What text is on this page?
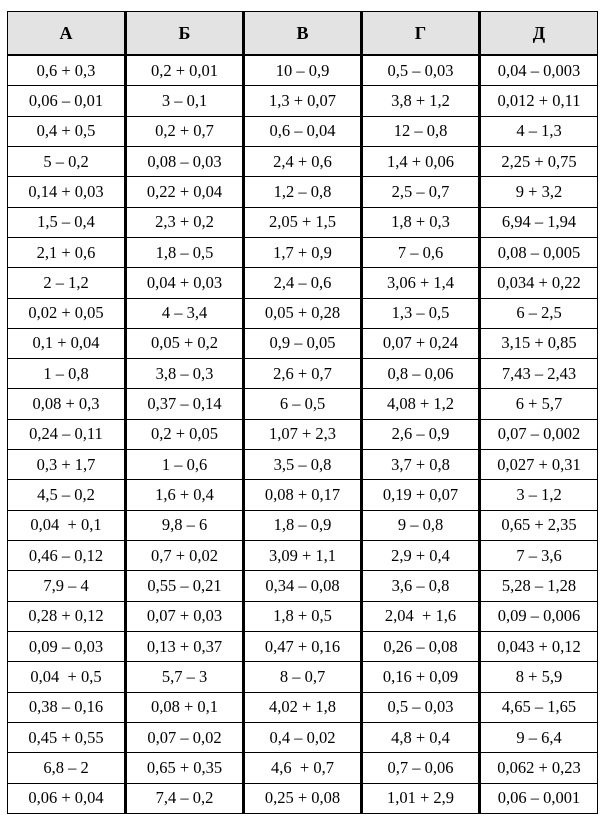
А	Б	В	Г	Д
0,6 + 0,3	0,2 + 0,01	10 – 0,9	0,5 – 0,03	0,04 – 0,003
0,06 – 0,01	3 – 0,1	1,3 + 0,07	3,8 + 1,2	0,012 + 0,11
0,4 + 0,5	0,2 + 0,7	0,6 – 0,04	12 – 0,8	4 – 1,3
5 – 0,2	0,08 – 0,03	2,4 + 0,6	1,4 + 0,06	2,25 + 0,75
0,14 + 0,03	0,22 + 0,04	1,2 – 0,8	2,5 – 0,7	9 + 3,2
1,5 – 0,4	2,3 + 0,2	2,05 + 1,5	1,8 + 0,3	6,94 – 1,94
2,1 + 0,6	1,8 – 0,5	1,7 + 0,9	7 – 0,6	0,08 – 0,005
2 – 1,2	0,04 + 0,03	2,4 – 0,6	3,06 + 1,4	0,034 + 0,22
0,02 + 0,05	4 – 3,4	0,05 + 0,28	1,3 – 0,5	6 – 2,5
0,1 + 0,04	0,05 + 0,2	0,9 – 0,05	0,07 + 0,24	3,15 + 0,85
1 – 0,8	3,8 – 0,3	2,6 + 0,7	0,8 – 0,06	7,43 – 2,43
0,08 + 0,3	0,37 – 0,14	6 – 0,5	4,08 + 1,2	6 + 5,7
0,24 – 0,11	0,2 + 0,05	1,07 + 2,3	2,6 – 0,9	0,07 – 0,002
0,3 + 1,7	1 – 0,6	3,5 – 0,8	3,7 + 0,8	0,027 + 0,31
4,5 – 0,2	1,6 + 0,4	0,08 + 0,17	0,19 + 0,07	3 – 1,2
0,04  + 0,1	9,8 – 6	1,8 – 0,9	9 – 0,8	0,65 + 2,35
0,46 – 0,12	0,7 + 0,02	3,09 + 1,1	2,9 + 0,4	7 – 3,6
7,9 – 4	0,55 – 0,21	0,34 – 0,08	3,6 – 0,8	5,28 – 1,28
0,28 + 0,12	0,07 + 0,03	1,8 + 0,5	2,04  + 1,6	0,09 – 0,006
0,09 – 0,03	0,13 + 0,37	0,47 + 0,16	0,26 – 0,08	0,043 + 0,12
0,04  + 0,5	5,7 – 3	8 – 0,7	0,16 + 0,09	8 + 5,9
0,38 – 0,16	0,08 + 0,1	4,02 + 1,8	0,5 – 0,03	4,65 – 1,65
0,45 + 0,55	0,07 – 0,02	0,4 – 0,02	4,8 + 0,4	9 – 6,4
6,8 – 2	0,65 + 0,35	4,6  + 0,7	0,7 – 0,06	0,062 + 0,23
0,06 + 0,04	7,4 – 0,2	0,25 + 0,08	1,01 + 2,9	0,06 – 0,001
